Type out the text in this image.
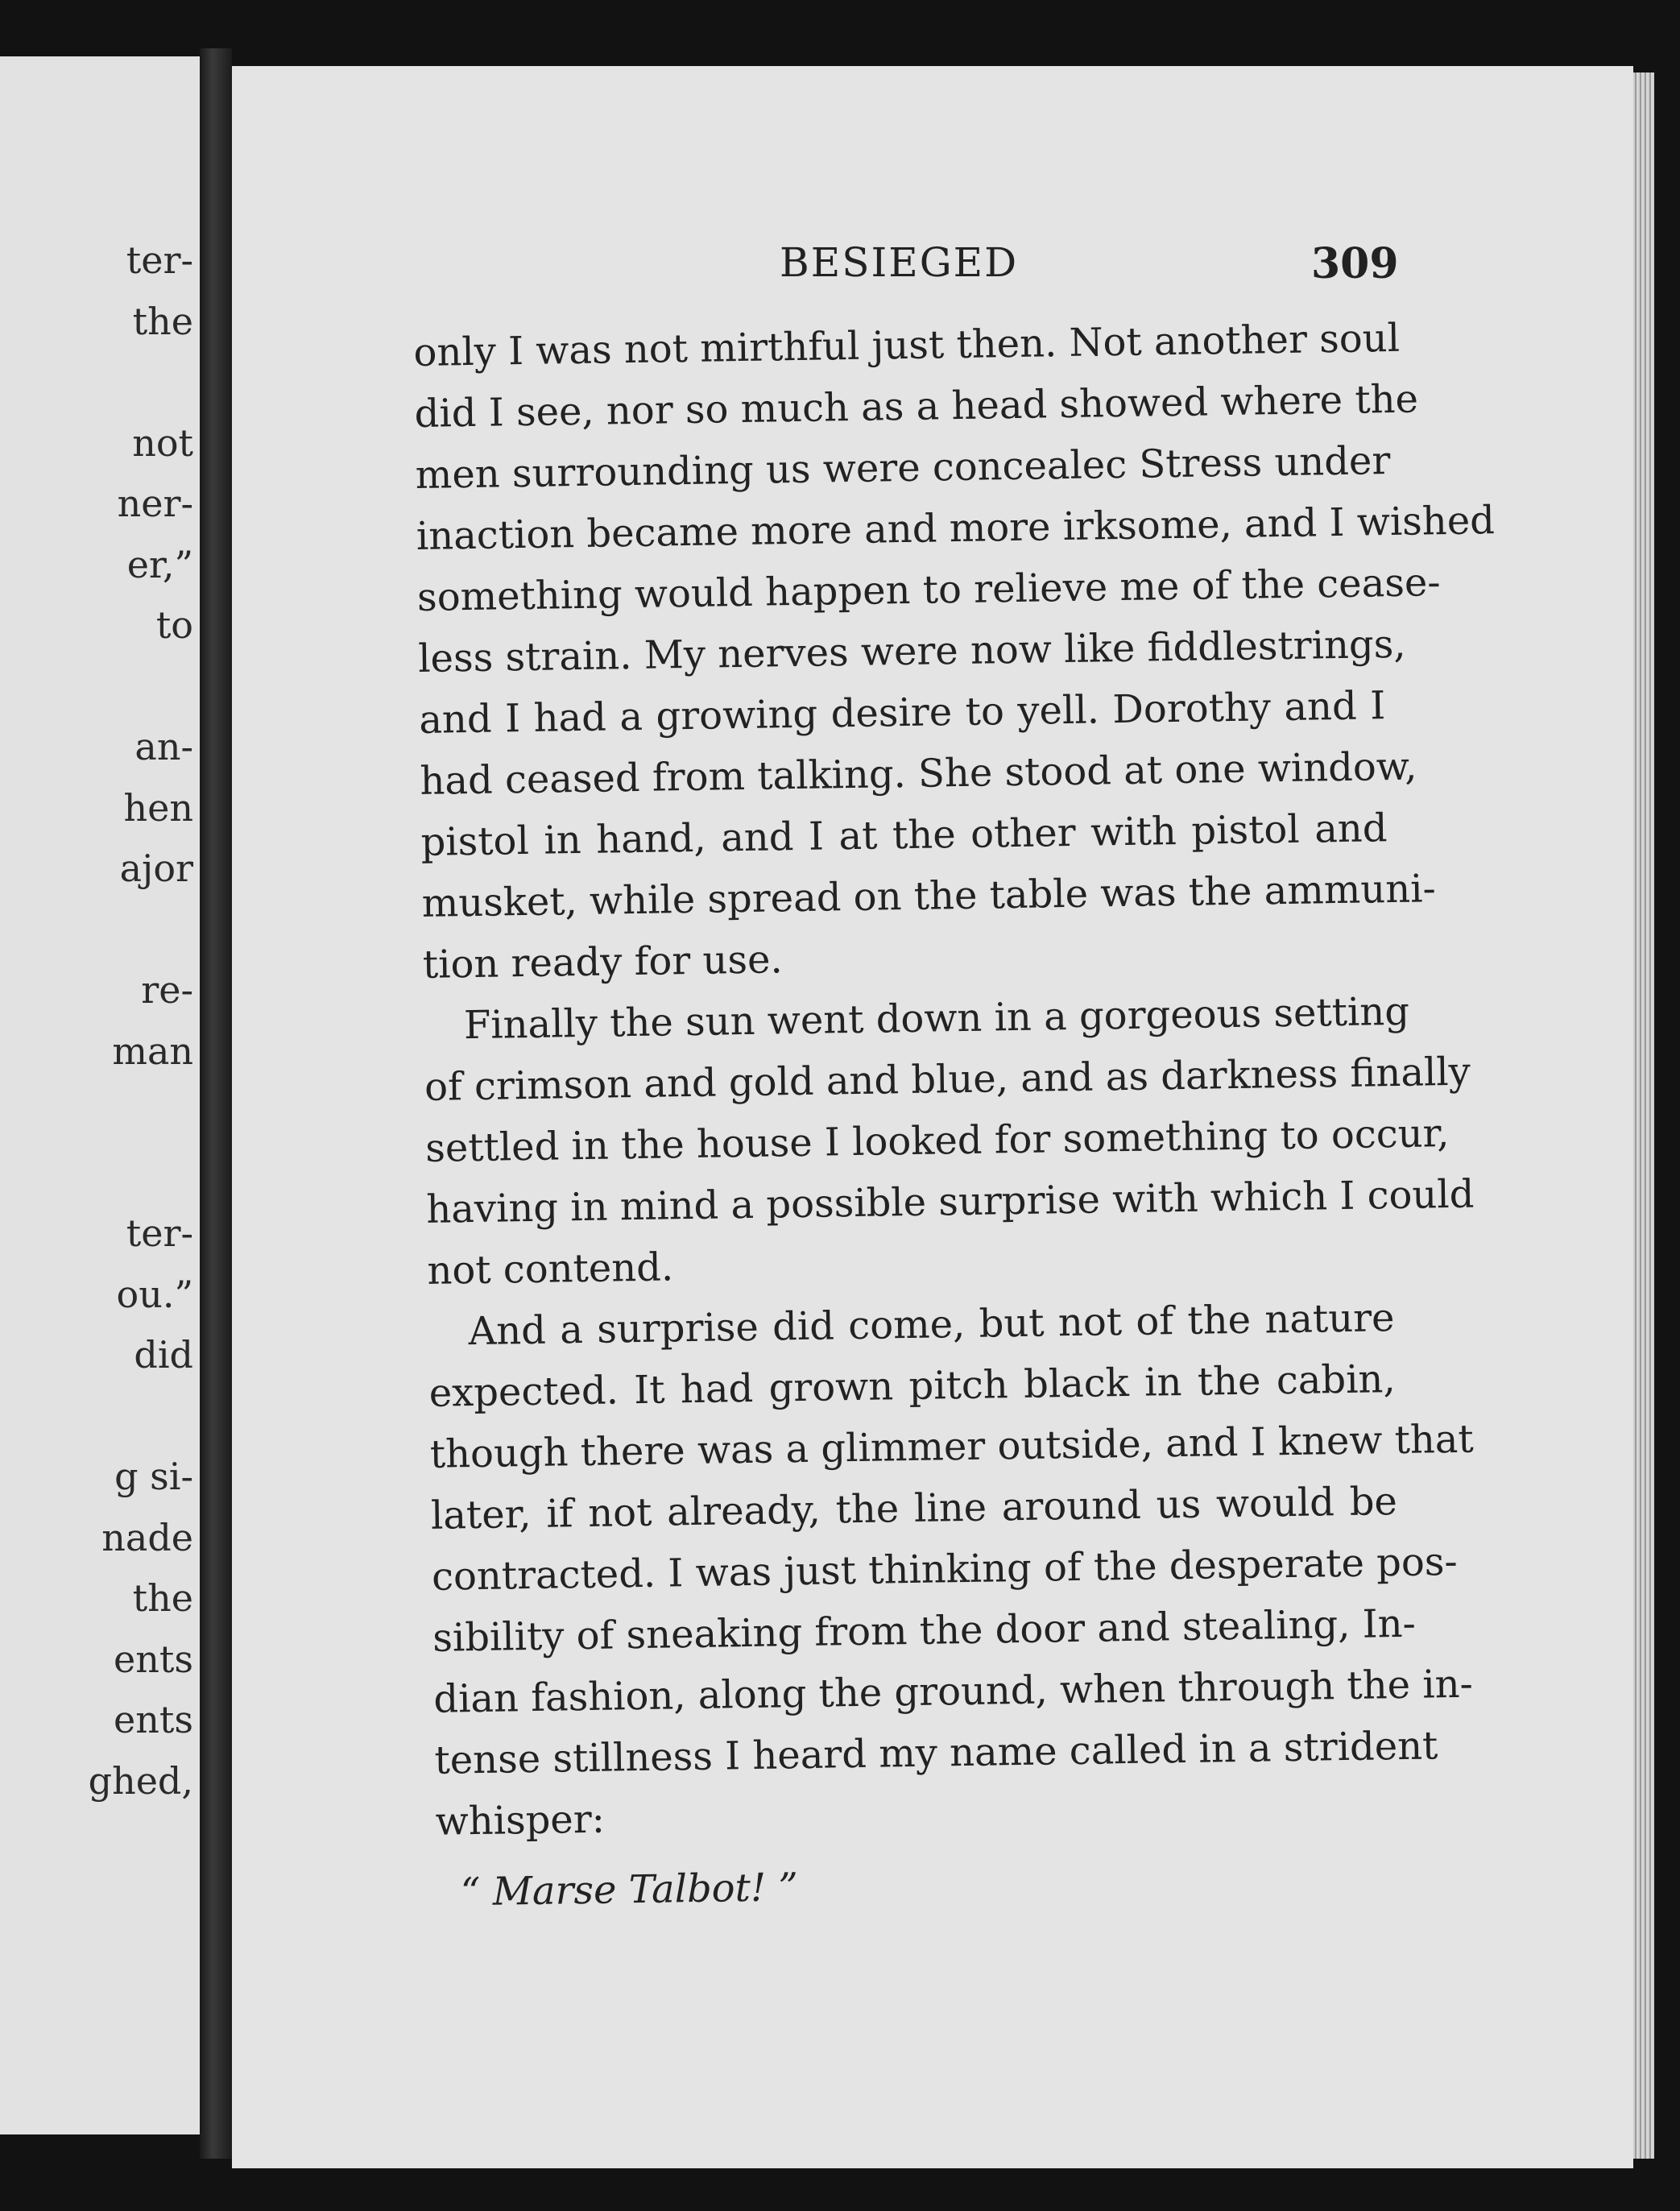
ter-
the
not
ner-
er,”
to
an-
hen
ajor
re-
man
ter-
ou.”
did
g si-
nade
the
ents
ents
ghed,
BESIEGED	309
only I was not mirthful just then. Not another soul
did I see, nor so much as a head showed where the
men surrounding us were concealec Stress under
inaction became more and more irksome, and I wished
something would happen to relieve me of the cease-
less strain. My nerves were now like fiddlestrings,
and I had a growing desire to yell. Dorothy and I
had ceased from talking. She stood at one window,
pistol in hand, and I at the other with pistol and
musket, while spread on the table was the ammuni-
tion ready for use.
Finally the sun went down in a gorgeous setting
of crimson and gold and blue, and as darkness finally
settled in the house I looked for something to occur,
having in mind a possible surprise with which I could
not contend.
And a surprise did come, but not of the nature
expected. It had grown pitch black in the cabin,
though there was a glimmer outside, and I knew that
later, if not already, the line around us would be
contracted. I was just thinking of the desperate pos-
sibility of sneaking from the door and stealing, In-
dian fashion, along the ground, when through the in-
tense stillness I heard my name called in a strident
whisper:
“ Marse Talbot! ”
